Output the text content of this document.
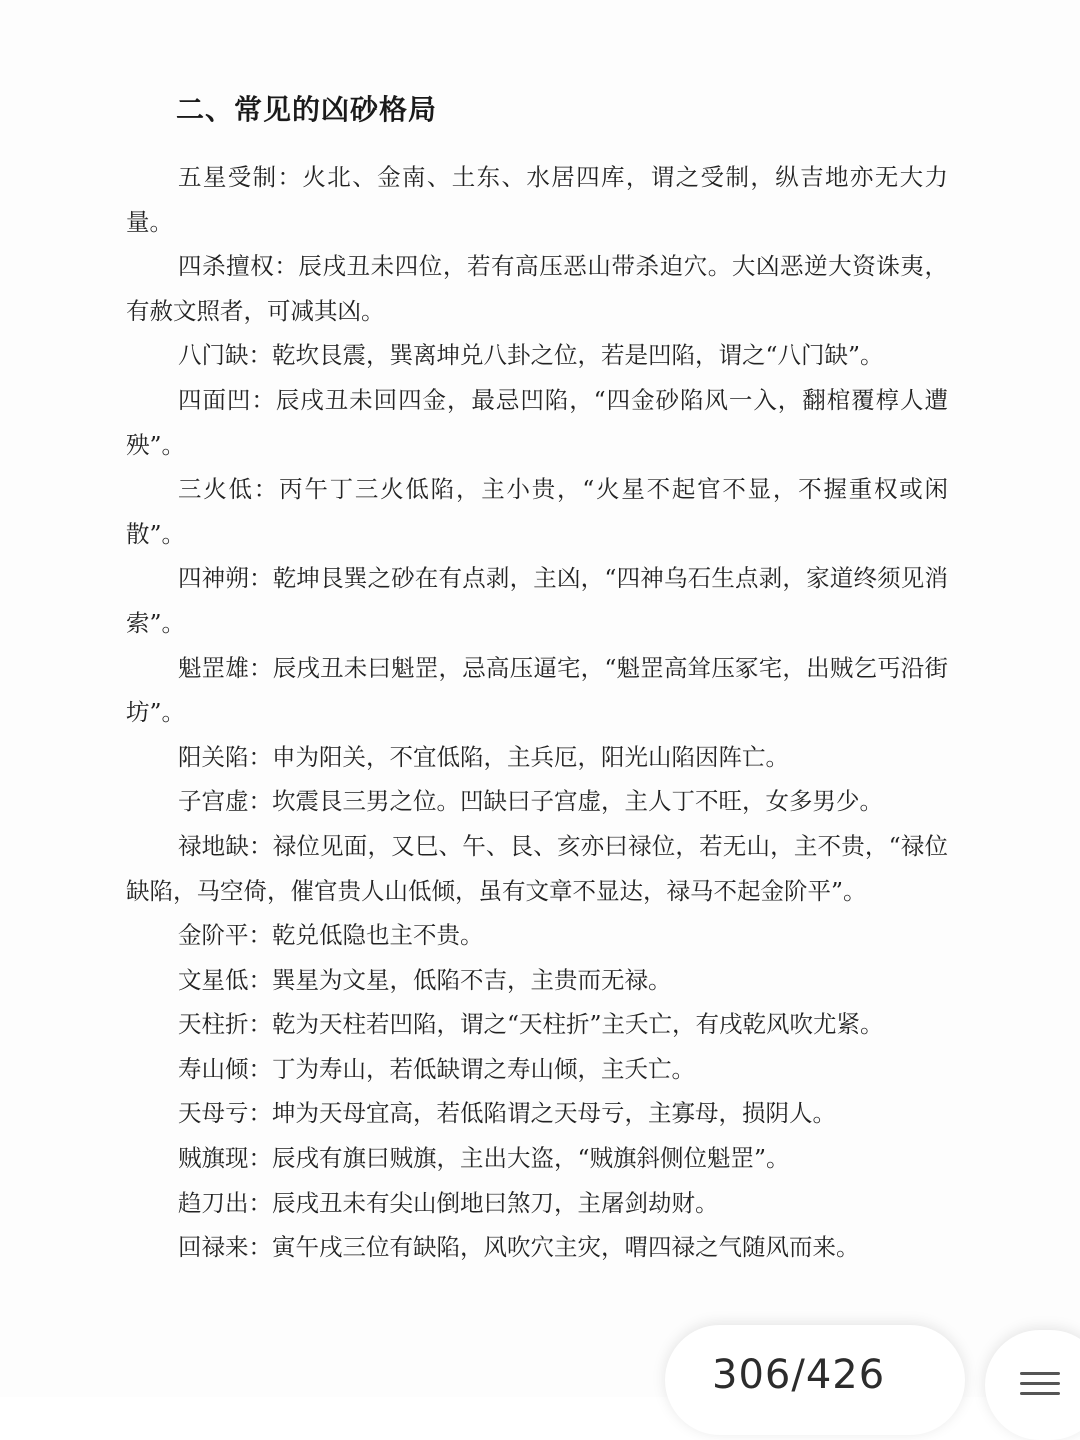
二、常见的凶砂格局

五星受制：火北、金南、土东、水居四库，谓之受制，纵吉地亦无大力量。

四杀擅权：辰戌丑未四位，若有高压恶山带杀迫穴。大凶恶逆大资诛夷，有赦文照者，可减其凶。

八门缺：乾坎艮震，巽离坤兑八卦之位，若是凹陷，谓之“八门缺”。

四面凹：辰戌丑未回四金，最忌凹陷，“四金砂陷风一入，翻棺覆椁人遭殃”。

三火低：丙午丁三火低陷，主小贵，“火星不起官不显，不握重权或闲散”。

四神朔：乾坤艮巽之砂在有点剥，主凶，“四神乌石生点剥，家道终须见消索”。

魁罡雄：辰戌丑未曰魁罡，忌高压逼宅，“魁罡高耸压冢宅，出贼乞丐沿街坊”。

阳关陷：申为阳关，不宜低陷，主兵厄，阳光山陷因阵亡。

子宫虚：坎震艮三男之位。凹缺曰子宫虚，主人丁不旺，女多男少。

禄地缺：禄位见面，又巳、午、艮、亥亦曰禄位，若无山，主不贵，“禄位缺陷，马空倚，催官贵人山低倾，虽有文章不显达，禄马不起金阶平”。

金阶平：乾兑低隐也主不贵。

文星低：巽星为文星，低陷不吉，主贵而无禄。

天柱折：乾为天柱若凹陷，谓之“天柱折”主夭亡，有戌乾风吹尤紧。

寿山倾：丁为寿山，若低缺谓之寿山倾，主夭亡。

天母亏：坤为天母宜高，若低陷谓之天母亏，主寡母，损阴人。

贼旗现：辰戌有旗曰贼旗，主出大盗，“贼旗斜侧位魁罡”。

趋刀出：辰戌丑未有尖山倒地曰煞刀，主屠剑劫财。

回禄来：寅午戌三位有缺陷，风吹穴主灾，喟四禄之气随风而来。

306/426
